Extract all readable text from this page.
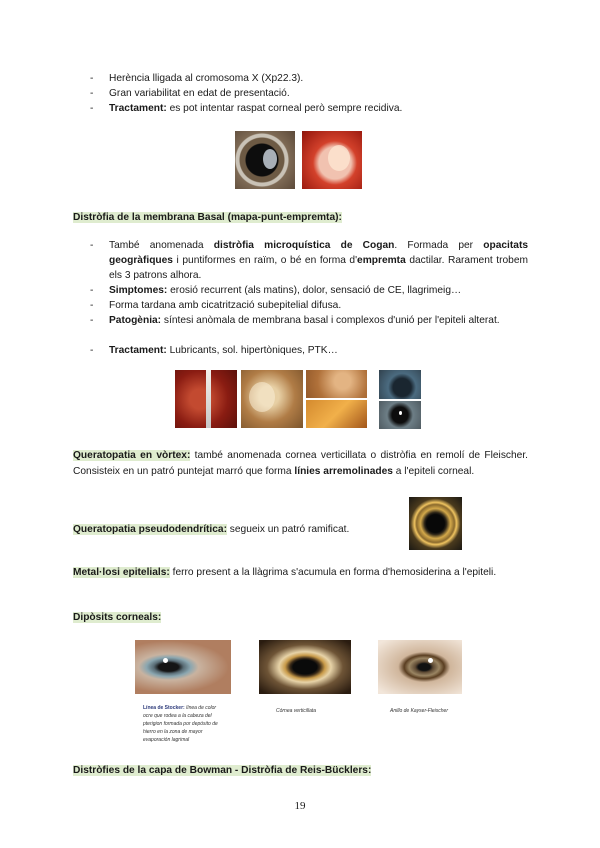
- Herència lligada al cromosoma X (Xp22.3).
- Gran variabilitat en edat de presentació.
- Tractament: es pot intentar raspat corneal però sempre recidiva.
Distròfia de la membrana Basal (mapa-punt-empremta):
- També anomenada distròfia microquística de Cogan. Formada per opacitats geogràfiques i puntiformes en raïm, o bé en forma d'empremta dactilar. Rarament trobem els 3 patrons alhora.
- Simptomes: erosió recurrent (als matins), dolor, sensació de CE, llagrimeig…
- Forma tardana amb cicatrització subepitelial difusa.
- Patogènia: síntesi anòmala de membrana basal i complexos d'unió per l'epiteli alterat.
- Tractament: Lubricants, sol. hipertòniques, PTK…
Queratopatia en vòrtex: també anomenada cornea verticillata o distròfia en remolí de Fleischer. Consisteix en un patró puntejat marró que forma línies arremolinades a l'epiteli corneal.
Queratopatia pseudodendrítica: segueix un patró ramificat.
Metal·losi epitelials: ferro present a la llàgrima s'acumula en forma d'hemosiderina a l'epiteli.
Dipòsits corneals:
Línea de Stocker: línea de color ocre que rodea a la cabeza del pterigion formada por depósito de hierro en la zona de mayor evaporación lagrimal
Córnea verticillata	Anillo de Kayser-Fleischer
Distròfies de la capa de Bowman - Distròfia de Reis-Bücklers:
19
